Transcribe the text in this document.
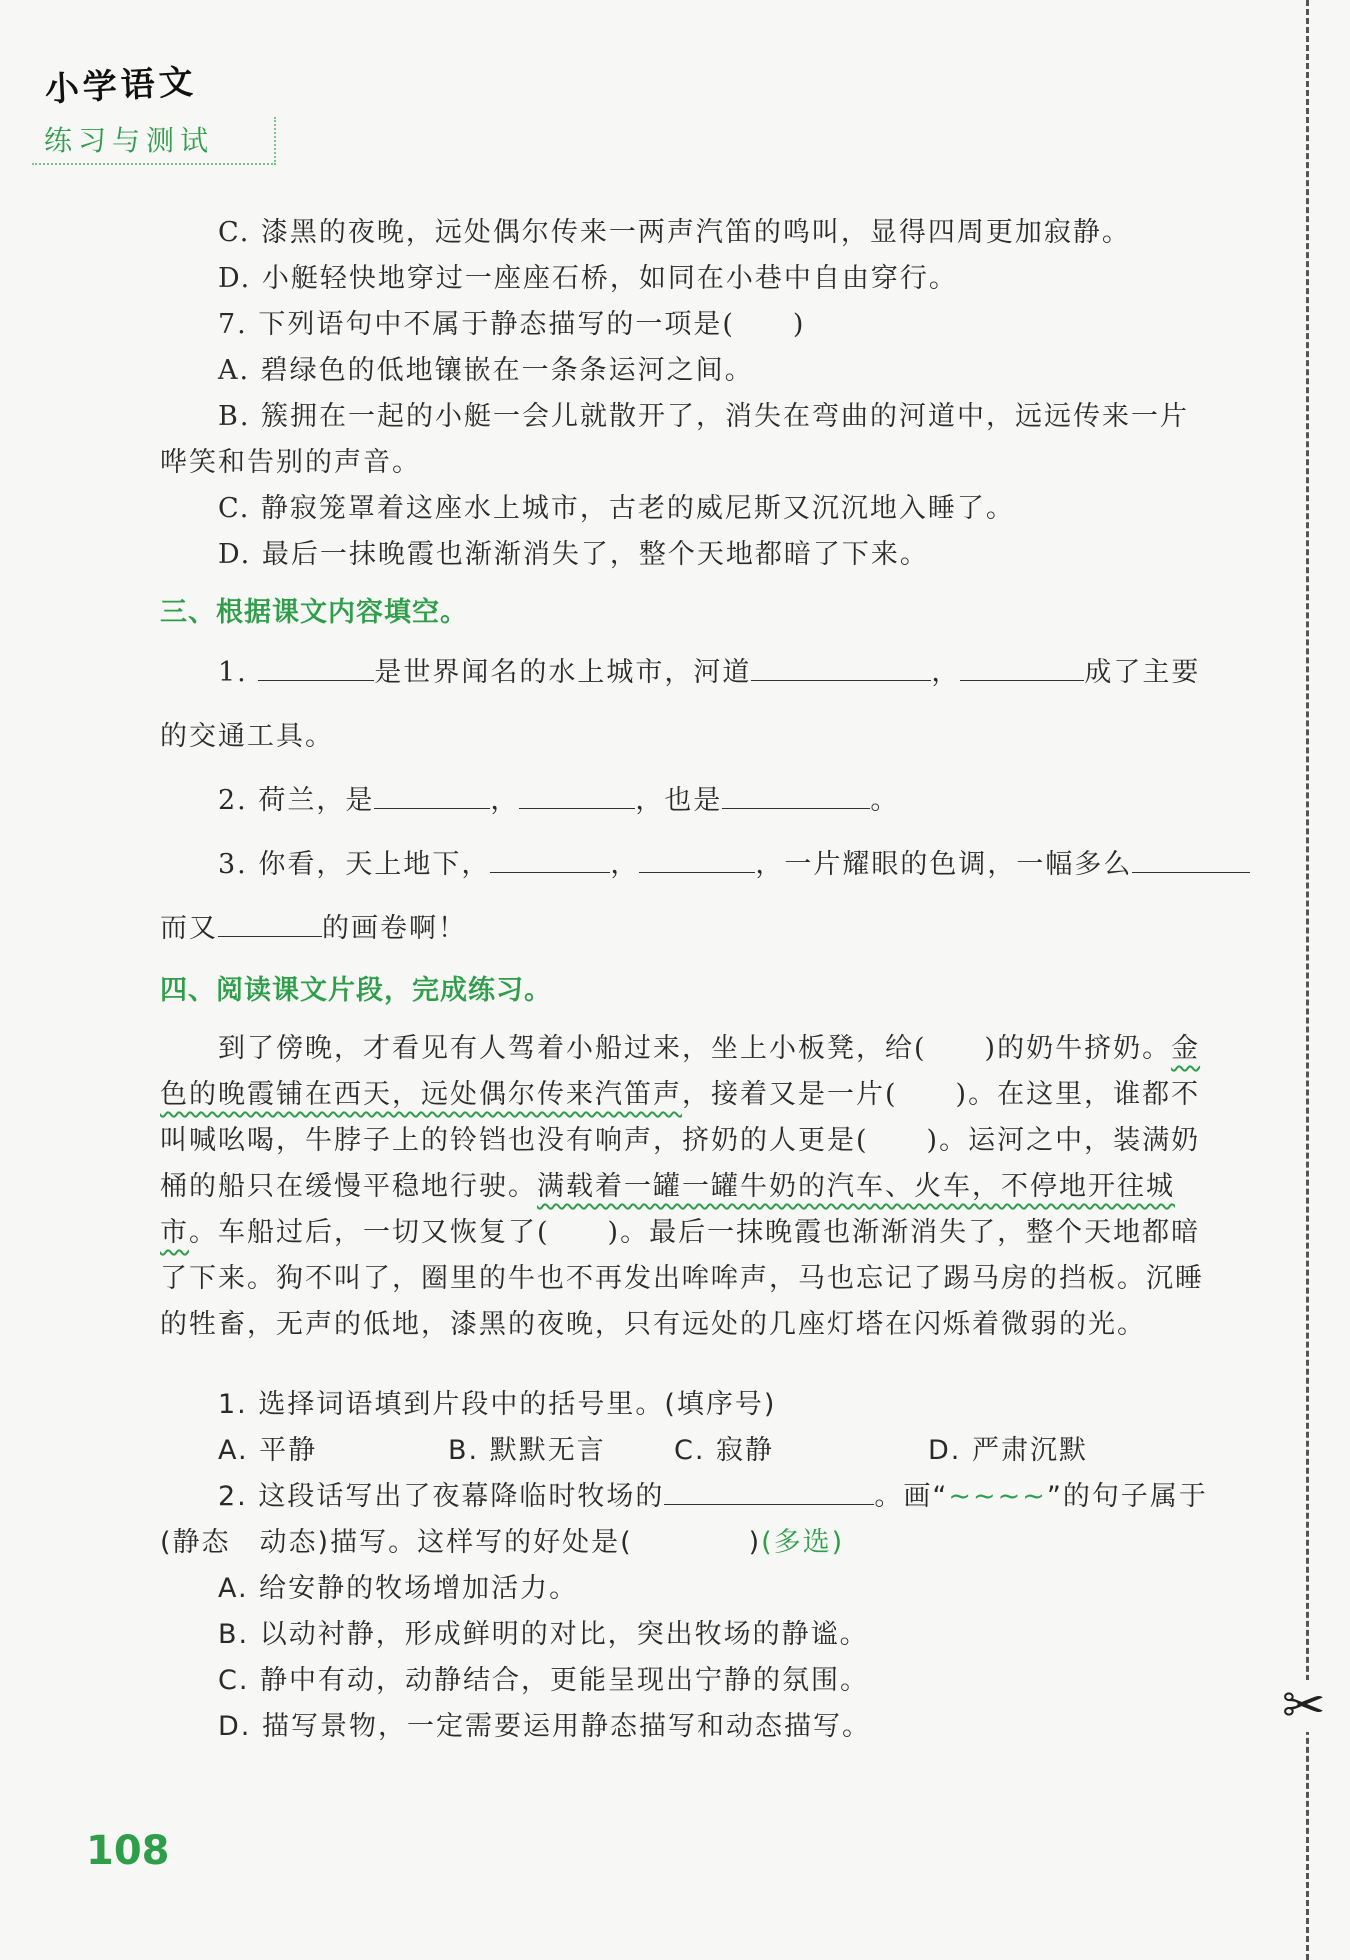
小学语文
练习与测试
✂
C. 漆黑的夜晚，远处偶尔传来一两声汽笛的鸣叫，显得四周更加寂静。
D. 小艇轻快地穿过一座座石桥，如同在小巷中自由穿行。
7. 下列语句中不属于静态描写的一项是(　　)
A. 碧绿色的低地镶嵌在一条条运河之间。
B. 簇拥在一起的小艇一会儿就散开了，消失在弯曲的河道中，远远传来一片
哗笑和告别的声音。
C. 静寂笼罩着这座水上城市，古老的威尼斯又沉沉地入睡了。
D. 最后一抹晚霞也渐渐消失了，整个天地都暗了下来。
三、根据课文内容填空。
1.	是世界闻名的水上城市，河道	，	成了主要
的交通工具。
2. 荷兰，是	，	，也是	。
3. 你看，天上地下，	，	，一片耀眼的色调，一幅多么
而又	的画卷啊！
四、阅读课文片段，完成练习。
到了傍晚，才看见有人驾着小船过来，坐上小板凳，给(　　)的奶牛挤奶。金
色的晚霞铺在西天，远处偶尔传来汽笛声，接着又是一片(　　)。在这里，谁都不
叫喊吆喝，牛脖子上的铃铛也没有响声，挤奶的人更是(　　)。运河之中，装满奶
桶的船只在缓慢平稳地行驶。满载着一罐一罐牛奶的汽车、火车，不停地开往城
市。车船过后，一切又恢复了(　　)。最后一抹晚霞也渐渐消失了，整个天地都暗
了下来。狗不叫了，圈里的牛也不再发出哞哞声，马也忘记了踢马房的挡板。沉睡
的牲畜，无声的低地，漆黑的夜晚，只有远处的几座灯塔在闪烁着微弱的光。
1. 选择词语填到片段中的括号里。(填序号)
A. 平静	B. 默默无言	C. 寂静	D. 严肃沉默
2. 这段话写出了夜幕降临时牧场的	。画“~~~~”的句子属于
(静态　动态)描写。这样写的好处是(　　　　)(多选)
A. 给安静的牧场增加活力。
B. 以动衬静，形成鲜明的对比，突出牧场的静谧。
C. 静中有动，动静结合，更能呈现出宁静的氛围。
D. 描写景物，一定需要运用静态描写和动态描写。
108
